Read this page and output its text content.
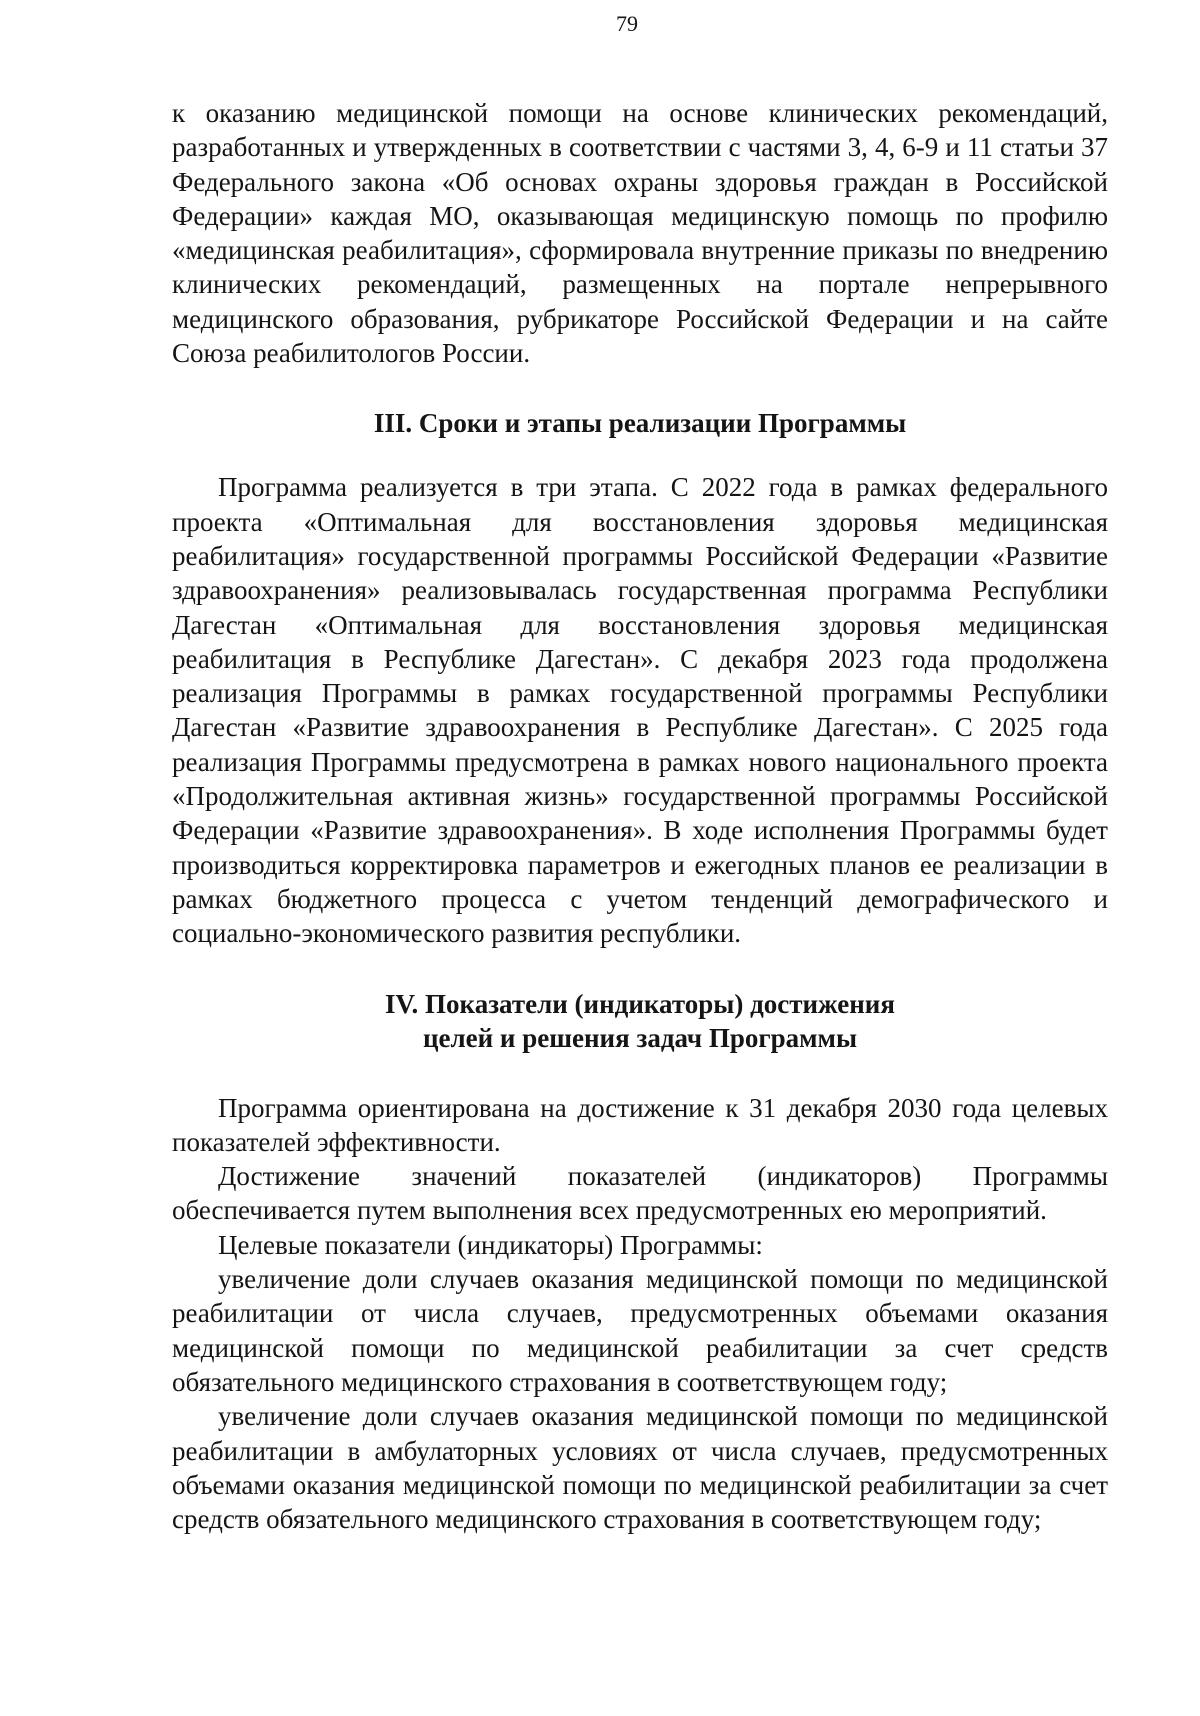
79

к оказанию медицинской помощи на основе клинических рекомендаций, разработанных и утвержденных в соответствии с частями 3, 4, 6-9 и 11 статьи 37 Федерального закона «Об основах охраны здоровья граждан в Российской Федерации» каждая МО, оказывающая медицинскую помощь по профилю «медицинская реабилитация», сформировала внутренние приказы по внедрению клинических рекомендаций, размещенных на портале непрерывного медицинского образования, рубрикаторе Российской Федерации и на сайте Союза реабилитологов России.

III. Сроки и этапы реализации Программы

Программа реализуется в три этапа. С 2022 года в рамках федерального проекта «Оптимальная для восстановления здоровья медицинская реабилитация» государственной программы Российской Федерации «Развитие здравоохранения» реализовывалась государственная программа Республики Дагестан «Оптимальная для восстановления здоровья медицинская реабилитация в Республике Дагестан». С декабря 2023 года продолжена реализация Программы в рамках государственной программы Республики Дагестан «Развитие здравоохранения в Республике Дагестан». С 2025 года реализация Программы предусмотрена в рамках нового национального проекта «Продолжительная активная жизнь» государственной программы Российской Федерации «Развитие здравоохранения». В ходе исполнения Программы будет производиться корректировка параметров и ежегодных планов ее реализации в рамках бюджетного процесса с учетом тенденций демографического и социально-экономического развития республики.

IV. Показатели (индикаторы) достижения
целей и решения задач Программы

Программа ориентирована на достижение к 31 декабря 2030 года целевых показателей эффективности.

Достижение значений показателей (индикаторов) Программы обеспечивается путем выполнения всех предусмотренных ею мероприятий.

Целевые показатели (индикаторы) Программы:

увеличение доли случаев оказания медицинской помощи по медицинской реабилитации от числа случаев, предусмотренных объемами оказания медицинской помощи по медицинской реабилитации за счет средств обязательного медицинского страхования в соответствующем году;

увеличение доли случаев оказания медицинской помощи по медицинской реабилитации в амбулаторных условиях от числа случаев, предусмотренных объемами оказания медицинской помощи по медицинской реабилитации за счет средств обязательного медицинского страхования в соответствующем году;
